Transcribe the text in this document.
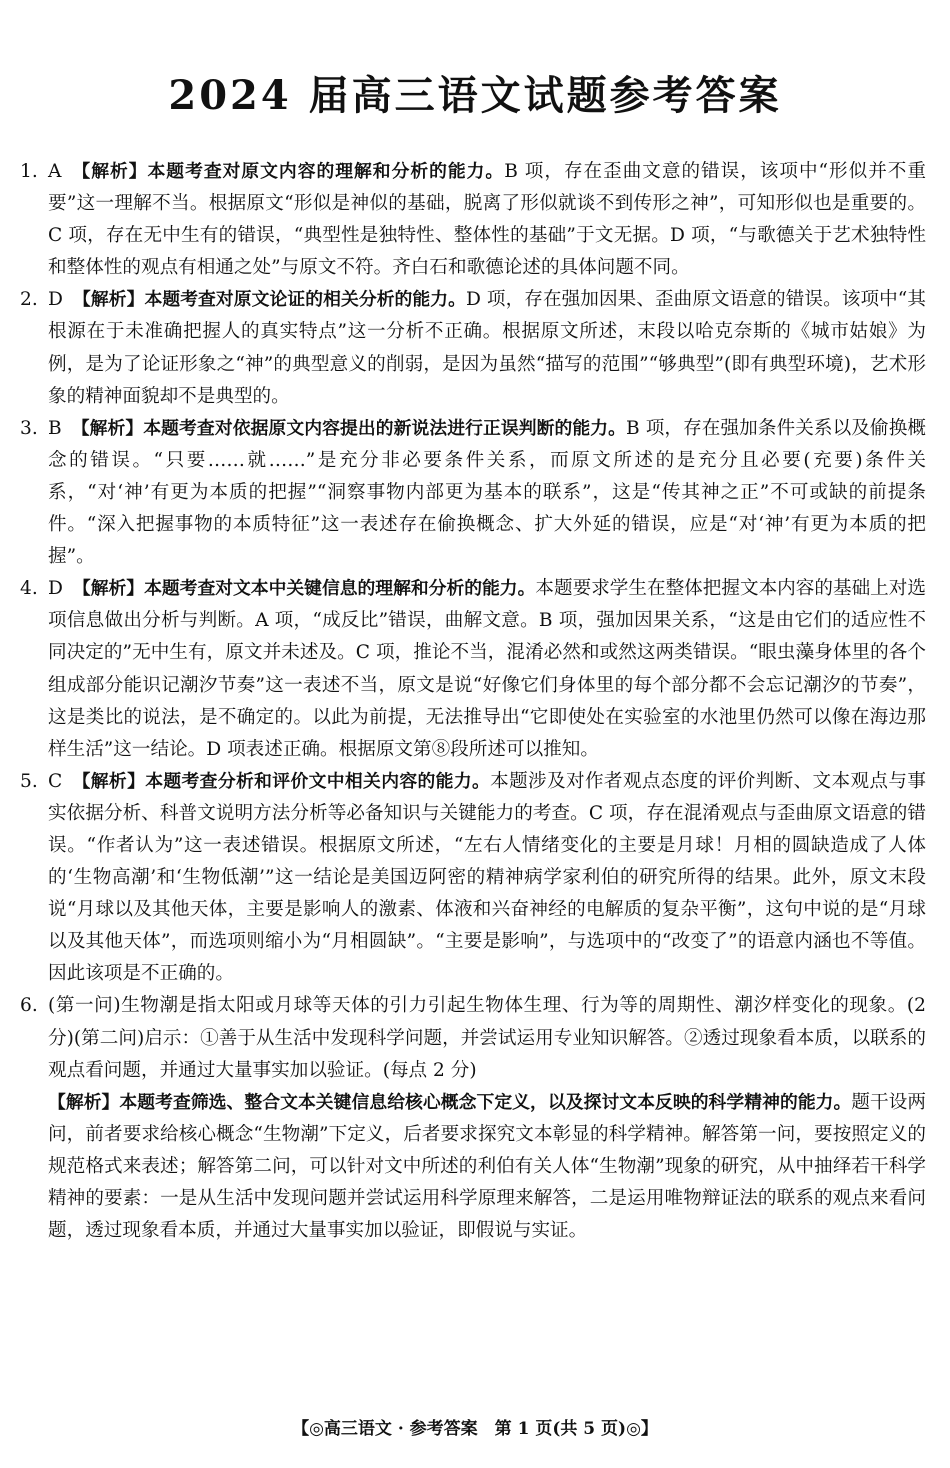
2024 届高三语文试题参考答案
1. A 【解析】本题考查对原文内容的理解和分析的能力。B 项，存在歪曲文意的错误，该项中“形似并不重要”这一理解不当。根据原文“形似是神似的基础，脱离了形似就谈不到传形之神”，可知形似也是重要的。C 项，存在无中生有的错误，“典型性是独特性、整体性的基础”于文无据。D 项，“与歌德关于艺术独特性和整体性的观点有相通之处”与原文不符。齐白石和歌德论述的具体问题不同。
2. D 【解析】本题考查对原文论证的相关分析的能力。D 项，存在强加因果、歪曲原文语意的错误。该项中“其根源在于未准确把握人的真实特点”这一分析不正确。根据原文所述，末段以哈克奈斯的《城市姑娘》为例，是为了论证形象之“神”的典型意义的削弱，是因为虽然“描写的范围”“够典型”(即有典型环境)，艺术形象的精神面貌却不是典型的。
3. B 【解析】本题考查对依据原文内容提出的新说法进行正误判断的能力。B 项，存在强加条件关系以及偷换概念的错误。“只要……就……”是充分非必要条件关系，而原文所述的是充分且必要(充要)条件关系，“对‘神’有更为本质的把握”“洞察事物内部更为基本的联系”，这是“传其神之正”不可或缺的前提条件。“深入把握事物的本质特征”这一表述存在偷换概念、扩大外延的错误，应是“对‘神’有更为本质的把握”。
4. D 【解析】本题考查对文本中关键信息的理解和分析的能力。本题要求学生在整体把握文本内容的基础上对选项信息做出分析与判断。A 项，“成反比”错误，曲解文意。B 项，强加因果关系，“这是由它们的适应性不同决定的”无中生有，原文并未述及。C 项，推论不当，混淆必然和或然这两类错误。“眼虫藻身体里的各个组成部分能识记潮汐节奏”这一表述不当，原文是说“好像它们身体里的每个部分都不会忘记潮汐的节奏”，这是类比的说法，是不确定的。以此为前提，无法推导出“它即使处在实验室的水池里仍然可以像在海边那样生活”这一结论。D 项表述正确。根据原文第⑧段所述可以推知。
5. C 【解析】本题考查分析和评价文中相关内容的能力。本题涉及对作者观点态度的评价判断、文本观点与事实依据分析、科普文说明方法分析等必备知识与关键能力的考查。C 项，存在混淆观点与歪曲原文语意的错误。“作者认为”这一表述错误。根据原文所述，“左右人情绪变化的主要是月球！月相的圆缺造成了人体的‘生物高潮’和‘生物低潮’”这一结论是美国迈阿密的精神病学家利伯的研究所得的结果。此外，原文末段说“月球以及其他天体，主要是影响人的激素、体液和兴奋神经的电解质的复杂平衡”，这句中说的是“月球以及其他天体”，而选项则缩小为“月相圆缺”。“主要是影响”，与选项中的“改变了”的语意内涵也不等值。因此该项是不正确的。
6. (第一问)生物潮是指太阳或月球等天体的引力引起生物体生理、行为等的周期性、潮汐样变化的现象。(2 分)(第二问)启示：①善于从生活中发现科学问题，并尝试运用专业知识解答。②透过现象看本质，以联系的观点看问题，并通过大量事实加以验证。(每点 2 分)
【解析】本题考查筛选、整合文本关键信息给核心概念下定义，以及探讨文本反映的科学精神的能力。题干设两问，前者要求给核心概念“生物潮”下定义，后者要求探究文本彰显的科学精神。解答第一问，要按照定义的规范格式来表述；解答第二问，可以针对文中所述的利伯有关人体“生物潮”现象的研究，从中抽绎若干科学精神的要素：一是从生活中发现问题并尝试运用科学原理来解答，二是运用唯物辩证法的联系的观点来看问题，透过现象看本质，并通过大量事实加以验证，即假说与实证。
【◎高三语文 · 参考答案　第 1 页(共 5 页)◎】
